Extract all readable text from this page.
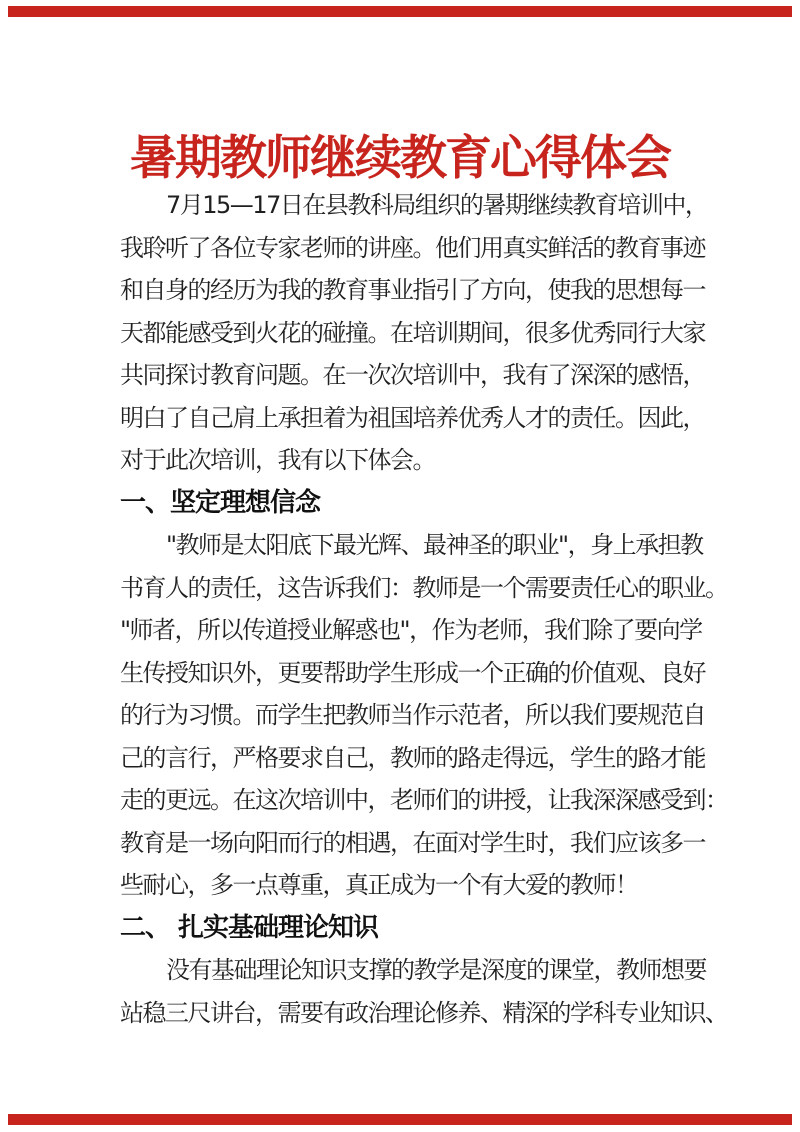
暑期教师继续教育心得体会
7月15—17日在县教科局组织的暑期继续教育培训中，
我聆听了各位专家老师的讲座。他们用真实鲜活的教育事迹
和自身的经历为我的教育事业指引了方向，使我的思想每一
天都能感受到火花的碰撞。在培训期间，很多优秀同行大家
共同探讨教育问题。在一次次培训中，我有了深深的感悟，
明白了自己肩上承担着为祖国培养优秀人才的责任。因此，
对于此次培训，我有以下体会。
一、坚定理想信念
"教师是太阳底下最光辉、最神圣的职业"，身上承担教
书育人的责任，这告诉我们：教师是一个需要责任心的职业。
"师者，所以传道授业解惑也"，作为老师，我们除了要向学
生传授知识外，更要帮助学生形成一个正确的价值观、良好
的行为习惯。而学生把教师当作示范者，所以我们要规范自
己的言行，严格要求自己，教师的路走得远，学生的路才能
走的更远。在这次培训中，老师们的讲授，让我深深感受到：
教育是一场向阳而行的相遇，在面对学生时，我们应该多一
些耐心，多一点尊重，真正成为一个有大爱的教师！
二、 扎实基础理论知识
没有基础理论知识支撑的教学是深度的课堂，教师想要
站稳三尺讲台，需要有政治理论修养、精深的学科专业知识、
